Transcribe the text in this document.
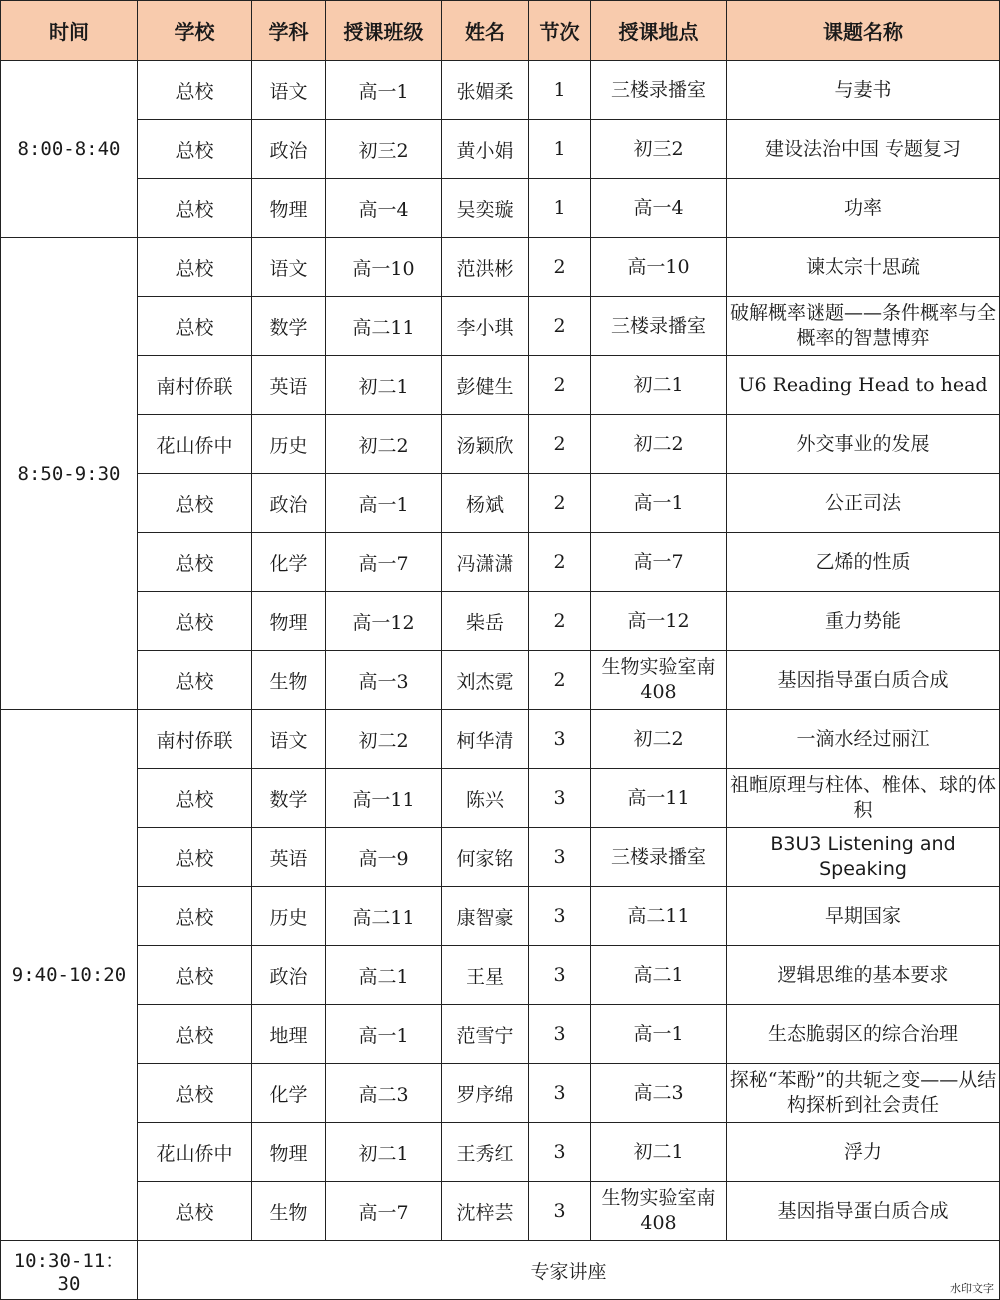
时间	学校	学科	授课班级	姓名	节次	授课地点	课题名称
8:00-8:40	总校	语文	高一1	张媚柔	1	三楼录播室	与妻书
	总校	政治	初三2	黄小娟	1	初三2	建设法治中国 专题复习
	总校	物理	高一4	吴奕璇	1	高一4	功率
8:50-9:30	总校	语文	高一10	范洪彬	2	高一10	谏太宗十思疏
	总校	数学	高二11	李小琪	2	三楼录播室	破解概率谜题——条件概率与全概率的智慧博弈
	南村侨联	英语	初二1	彭健生	2	初二1	U6 Reading Head to head
	花山侨中	历史	初二2	汤颖欣	2	初二2	外交事业的发展
	总校	政治	高一1	杨斌	2	高一1	公正司法
	总校	化学	高一7	冯潇潇	2	高一7	乙烯的性质
	总校	物理	高一12	柴岳	2	高一12	重力势能
	总校	生物	高一3	刘杰霓	2	生物实验室南408	基因指导蛋白质合成
9:40-10:20	南村侨联	语文	初二2	柯华清	3	初二2	一滴水经过丽江
	总校	数学	高一11	陈兴	3	高一11	祖暅原理与柱体、椎体、球的体积
	总校	英语	高一9	何家铭	3	三楼录播室	B3U3 Listening and Speaking
	总校	历史	高二11	康智豪	3	高二11	早期国家
	总校	政治	高二1	王星	3	高二1	逻辑思维的基本要求
	总校	地理	高一1	范雪宁	3	高一1	生态脆弱区的综合治理
	总校	化学	高二3	罗序绵	3	高二3	探秘“苯酚”的共轭之变——从结构探析到社会责任
	花山侨中	物理	初二1	王秀红	3	初二1	浮力
	总校	生物	高一7	沈梓芸	3	生物实验室南408	基因指导蛋白质合成
10:30-11：30	专家讲座						
水印文字
